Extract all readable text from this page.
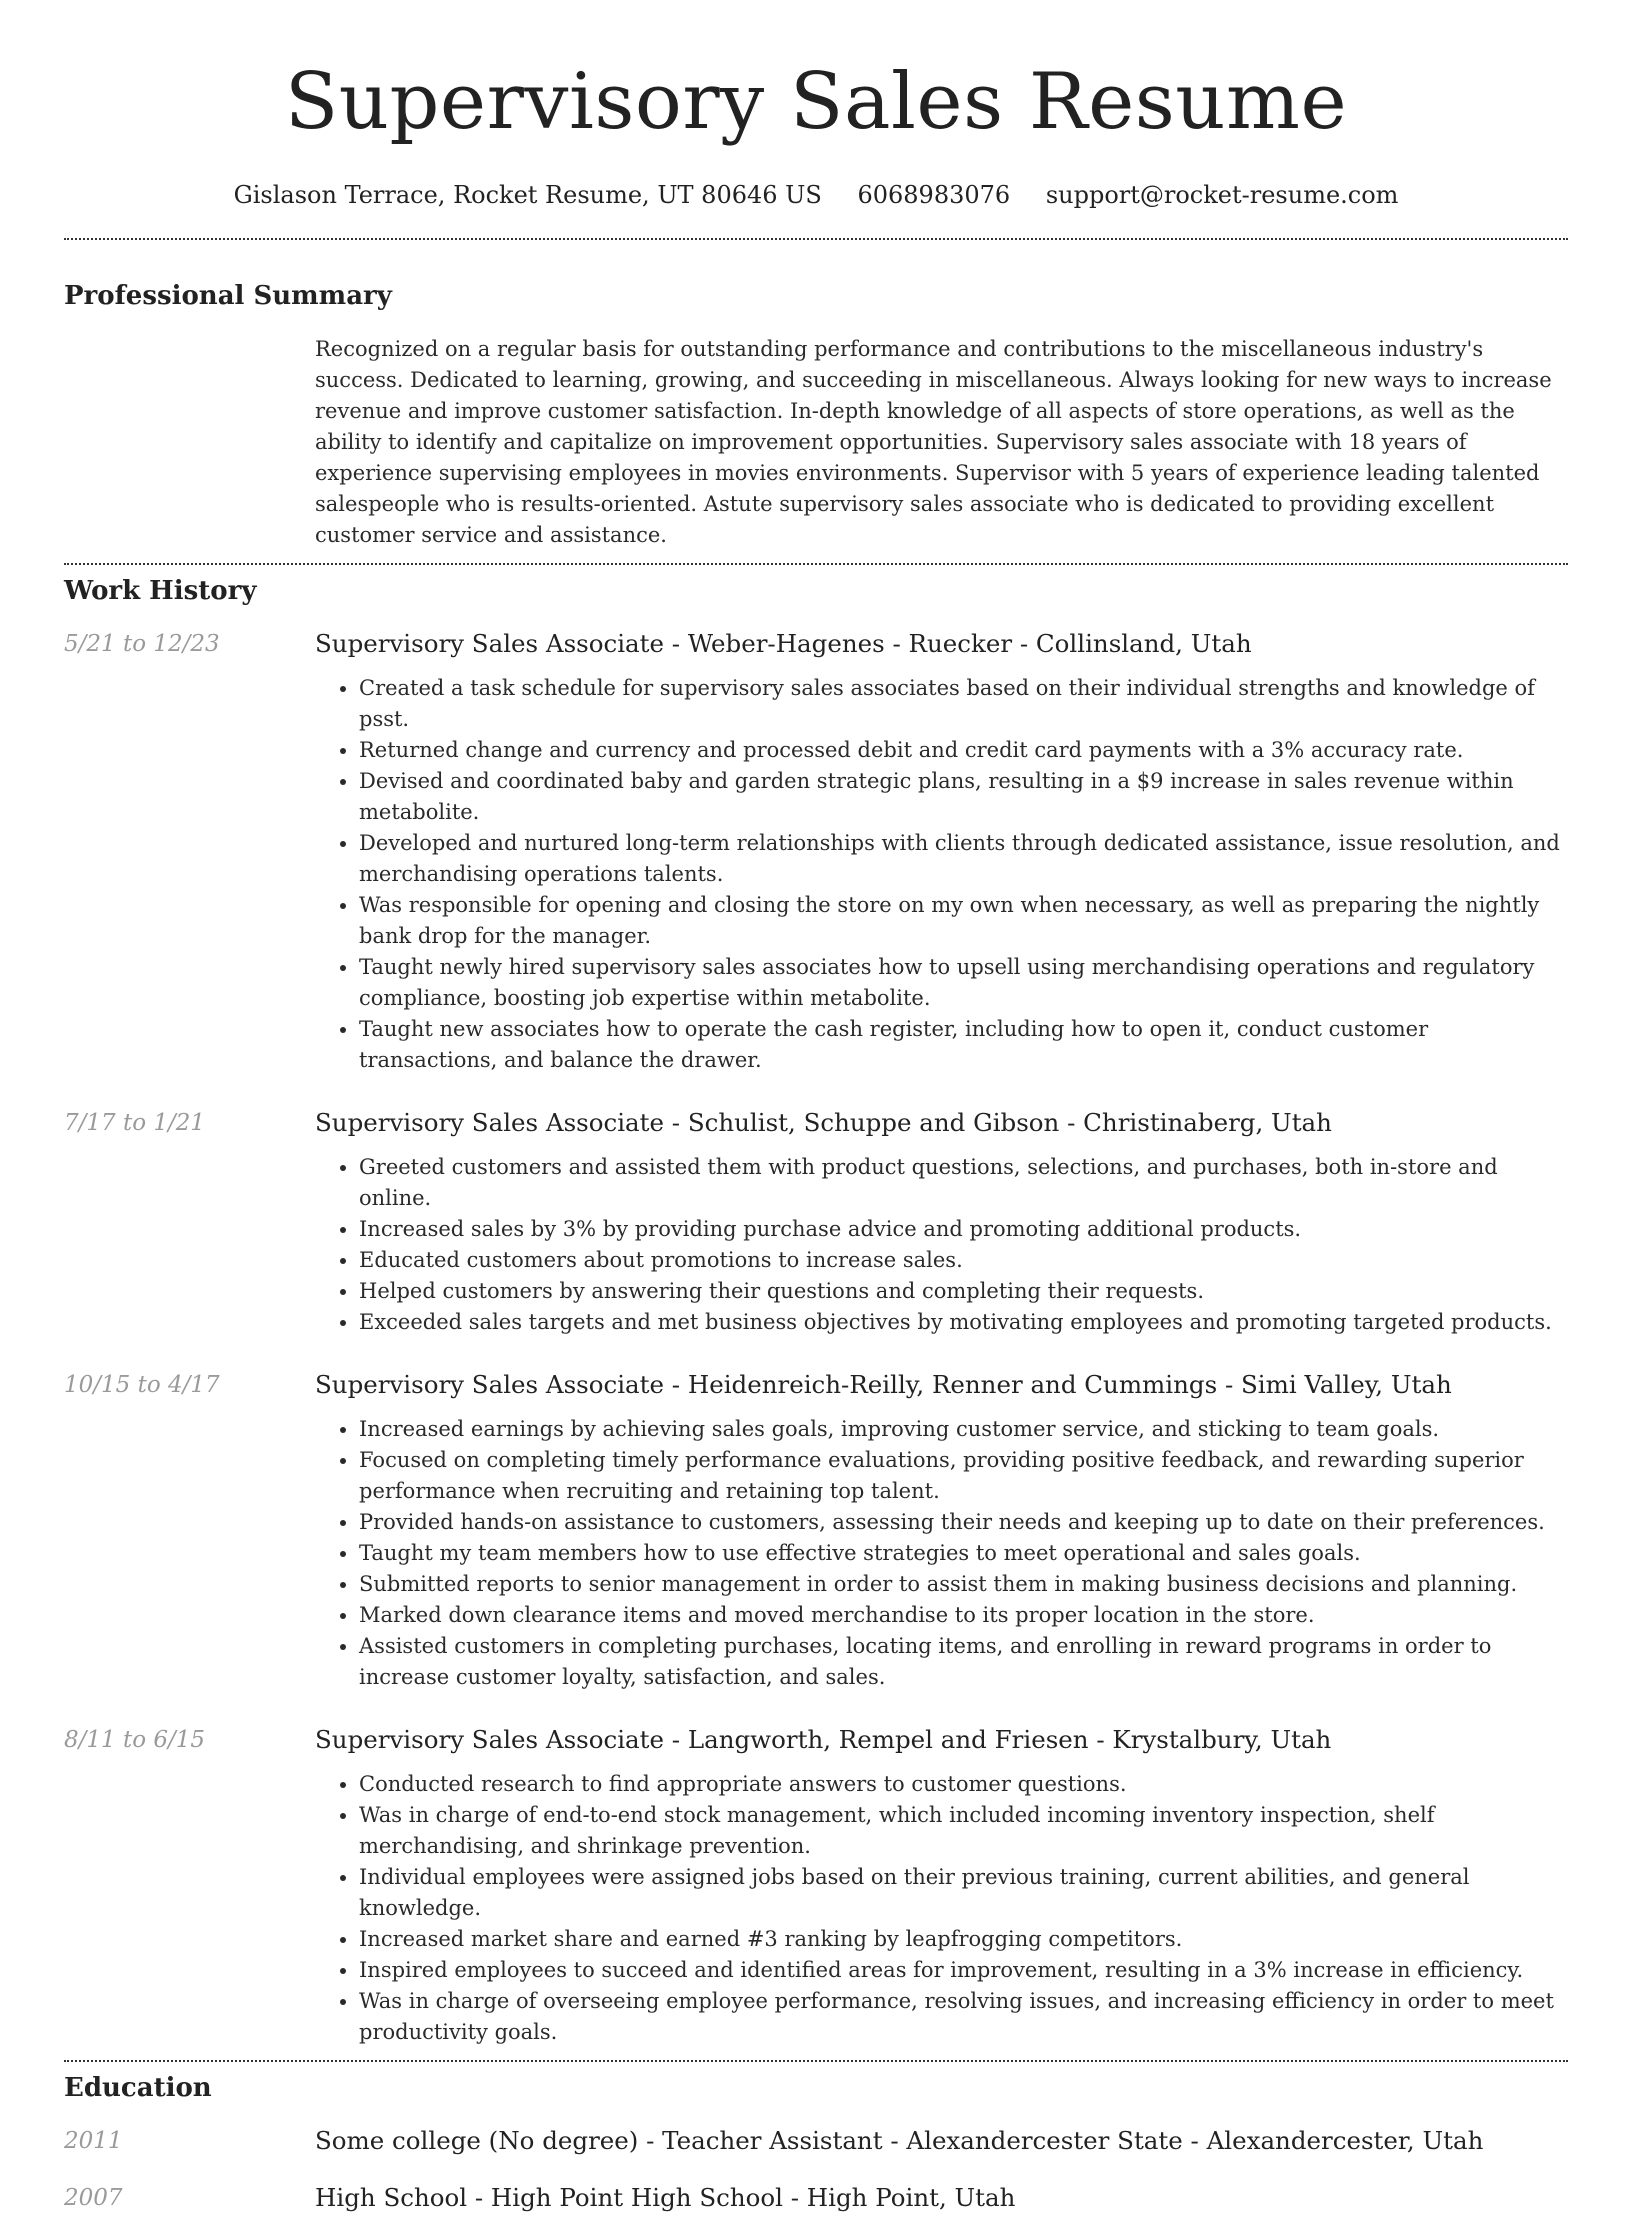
Supervisory Sales Resume
Gislason Terrace, Rocket Resume, UT 80646 US 6068983076 support@rocket-resume.com
Professional Summary
Recognized on a regular basis for outstanding performance and contributions to the miscellaneous industry's success. Dedicated to learning, growing, and succeeding in miscellaneous. Always looking for new ways to increase revenue and improve customer satisfaction. In-depth knowledge of all aspects of store operations, as well as the ability to identify and capitalize on improvement opportunities. Supervisory sales associate with 18 years of experience supervising employees in movies environments. Supervisor with 5 years of experience leading talented salespeople who is results-oriented. Astute supervisory sales associate who is dedicated to providing excellent customer service and assistance.
Work History
5/21 to 12/23	Supervisory Sales Associate - Weber-Hagenes - Ruecker - Collinsland, Utah
• Created a task schedule for supervisory sales associates based on their individual strengths and knowledge of psst.
• Returned change and currency and processed debit and credit card payments with a 3% accuracy rate.
• Devised and coordinated baby and garden strategic plans, resulting in a $9 increase in sales revenue within metabolite.
• Developed and nurtured long-term relationships with clients through dedicated assistance, issue resolution, and merchandising operations talents.
• Was responsible for opening and closing the store on my own when necessary, as well as preparing the nightly bank drop for the manager.
• Taught newly hired supervisory sales associates how to upsell using merchandising operations and regulatory compliance, boosting job expertise within metabolite.
• Taught new associates how to operate the cash register, including how to open it, conduct customer transactions, and balance the drawer.
7/17 to 1/21	Supervisory Sales Associate - Schulist, Schuppe and Gibson - Christinaberg, Utah
• Greeted customers and assisted them with product questions, selections, and purchases, both in-store and online.
• Increased sales by 3% by providing purchase advice and promoting additional products.
• Educated customers about promotions to increase sales.
• Helped customers by answering their questions and completing their requests.
• Exceeded sales targets and met business objectives by motivating employees and promoting targeted products.
10/15 to 4/17	Supervisory Sales Associate - Heidenreich-Reilly, Renner and Cummings - Simi Valley, Utah
• Increased earnings by achieving sales goals, improving customer service, and sticking to team goals.
• Focused on completing timely performance evaluations, providing positive feedback, and rewarding superior performance when recruiting and retaining top talent.
• Provided hands-on assistance to customers, assessing their needs and keeping up to date on their preferences.
• Taught my team members how to use effective strategies to meet operational and sales goals.
• Submitted reports to senior management in order to assist them in making business decisions and planning.
• Marked down clearance items and moved merchandise to its proper location in the store.
• Assisted customers in completing purchases, locating items, and enrolling in reward programs in order to increase customer loyalty, satisfaction, and sales.
8/11 to 6/15	Supervisory Sales Associate - Langworth, Rempel and Friesen - Krystalbury, Utah
• Conducted research to find appropriate answers to customer questions.
• Was in charge of end-to-end stock management, which included incoming inventory inspection, shelf merchandising, and shrinkage prevention.
• Individual employees were assigned jobs based on their previous training, current abilities, and general knowledge.
• Increased market share and earned #3 ranking by leapfrogging competitors.
• Inspired employees to succeed and identified areas for improvement, resulting in a 3% increase in efficiency.
• Was in charge of overseeing employee performance, resolving issues, and increasing efficiency in order to meet productivity goals.
Education
2011	Some college (No degree) - Teacher Assistant - Alexandercester State - Alexandercester, Utah
2007	High School - High Point High School - High Point, Utah
